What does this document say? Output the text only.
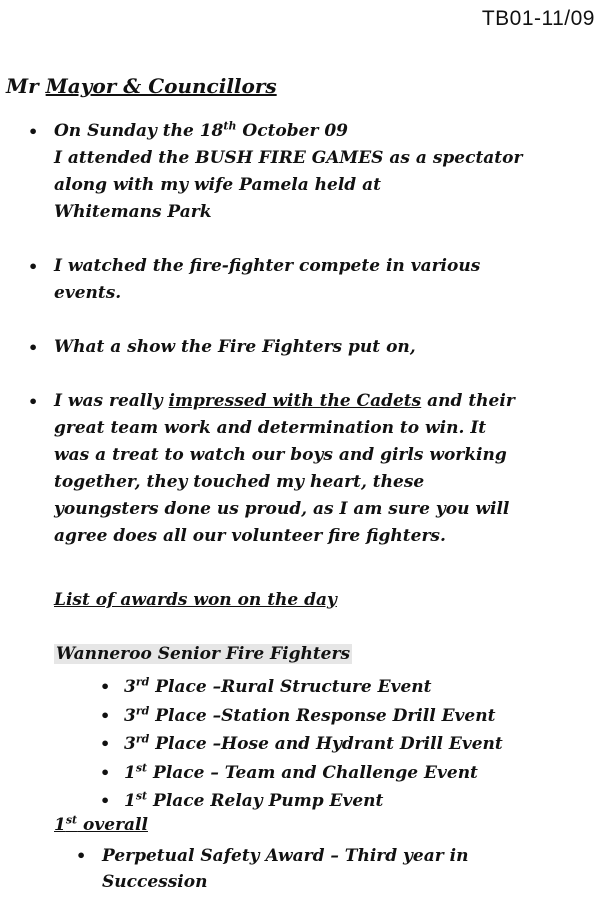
TB01-11/09
Mr Mayor & Councillors
• On Sunday the 18th October 09
I attended the BUSH FIRE GAMES as a spectator
along with my wife Pamela held at
Whitemans Park
• I watched the fire-fighter compete in various
events.
• What a show the Fire Fighters put on,
• I was really impressed with the Cadets and their
great team work and determination to win. It
was a treat to watch our boys and girls working
together, they touched my heart, these
youngsters done us proud, as I am sure you will
agree does all our volunteer fire fighters.
List of awards won on the day
Wanneroo Senior Fire Fighters
• 3rd Place –Rural Structure Event
• 3rd Place –Station Response Drill Event
• 3rd Place –Hose and Hydrant Drill Event
• 1st Place – Team and Challenge Event
• 1st Place Relay Pump Event
1st overall
• Perpetual Safety Award – Third year in
Succession
